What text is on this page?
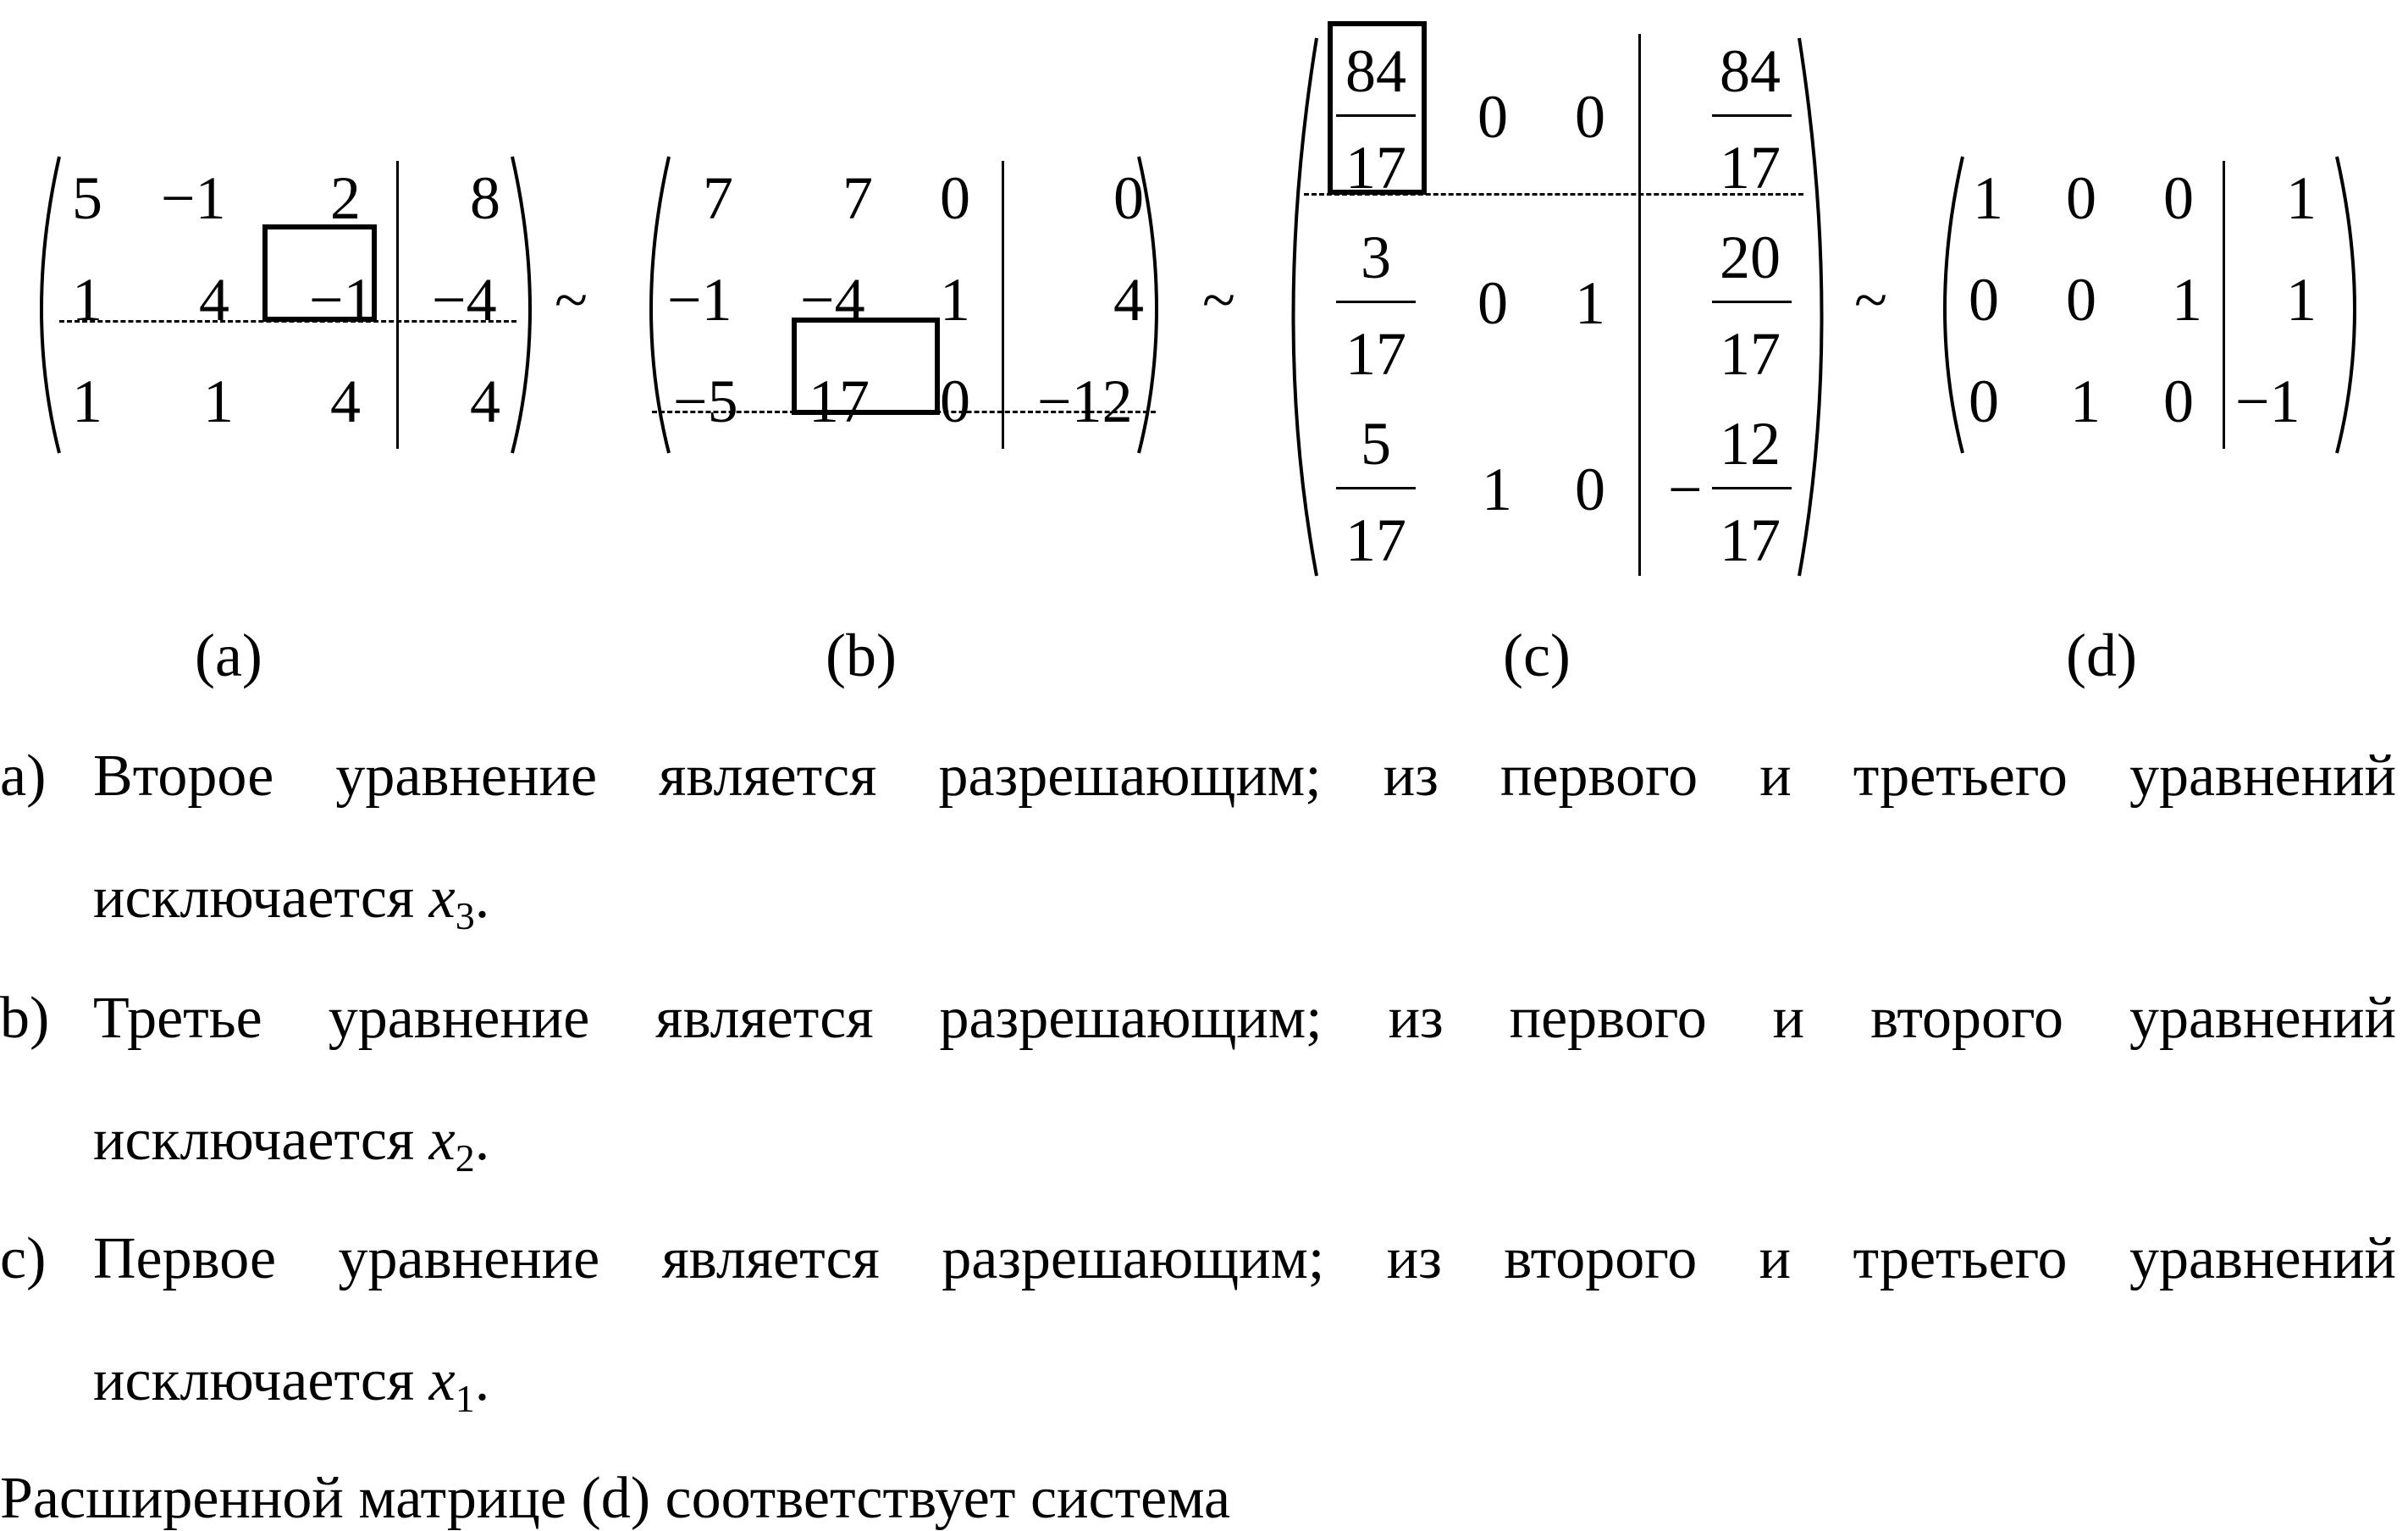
5 −1 2 8
1 4 −1 −4
1 1 4 4
(a)
~
7 7 0 0
−1 −4 1 4
−5 17 0 −12
(b)
~
84
17
0 0
84
17
3
17
0 1
20
17
5
17
1 0 −
12
17
(c)
~
1 0 0 1
0 0 1 1
0 1 0 −1
(d)
a) Второе уравнение является разрешающим; из первого и третьего уравнений
исключается $x_3$.
b) Третье уравнение является разрешающим; из первого и второго уравнений
исключается $x_2$.
c) Первое уравнение является разрешающим; из второго и третьего уравнений
исключается $x_1$.
Расширенной матрице (d) соответствует система
